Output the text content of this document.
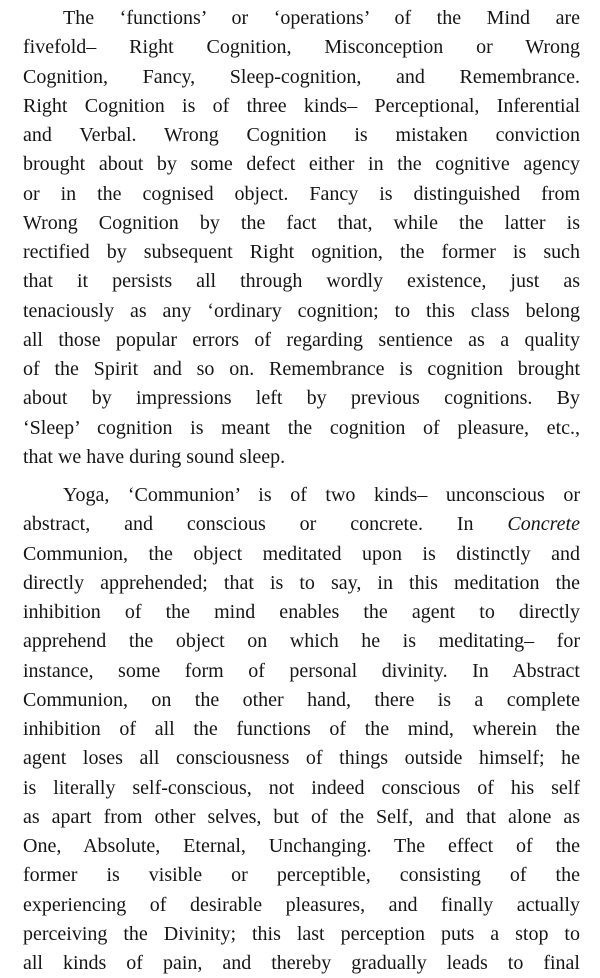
The ‘functions’ or ‘operations’ of the Mind are
fivefold– Right Cognition, Misconception or Wrong
Cognition, Fancy, Sleep-cognition, and Remembrance.
Right Cognition is of three kinds– Perceptional, Inferential
and Verbal. Wrong Cognition is mistaken conviction
brought about by some defect either in the cognitive agency
or in the cognised object. Fancy is distinguished from
Wrong Cognition by the fact that, while the latter is
rectified by subsequent Right ognition, the former is such
that it persists all through wordly existence, just as
tenaciously as any ‘ordinary cognition; to this class belong
all those popular errors of regarding sentience as a quality
of the Spirit and so on. Remembrance is cognition brought
about by impressions left by previous cognitions. By
‘Sleep’ cognition is meant the cognition of pleasure, etc.,
that we have during sound sleep.
Yoga, ‘Communion’ is of two kinds– unconscious or
abstract, and conscious or concrete. In Concrete
Communion, the object meditated upon is distinctly and
directly apprehended; that is to say, in this meditation the
inhibition of the mind enables the agent to directly
apprehend the object on which he is meditating– for
instance, some form of personal divinity. In Abstract
Communion, on the other hand, there is a complete
inhibition of all the functions of the mind, wherein the
agent loses all consciousness of things outside himself; he
is literally self-conscious, not indeed conscious of his self
as apart from other selves, but of the Self, and that alone as
One, Absolute, Eternal, Unchanging. The effect of the
former is visible or perceptible, consisting of the
experiencing of desirable pleasures, and finally actually
perceiving the Divinity; this last perception puts a stop to
all kinds of pain, and thereby gradually leads to final
